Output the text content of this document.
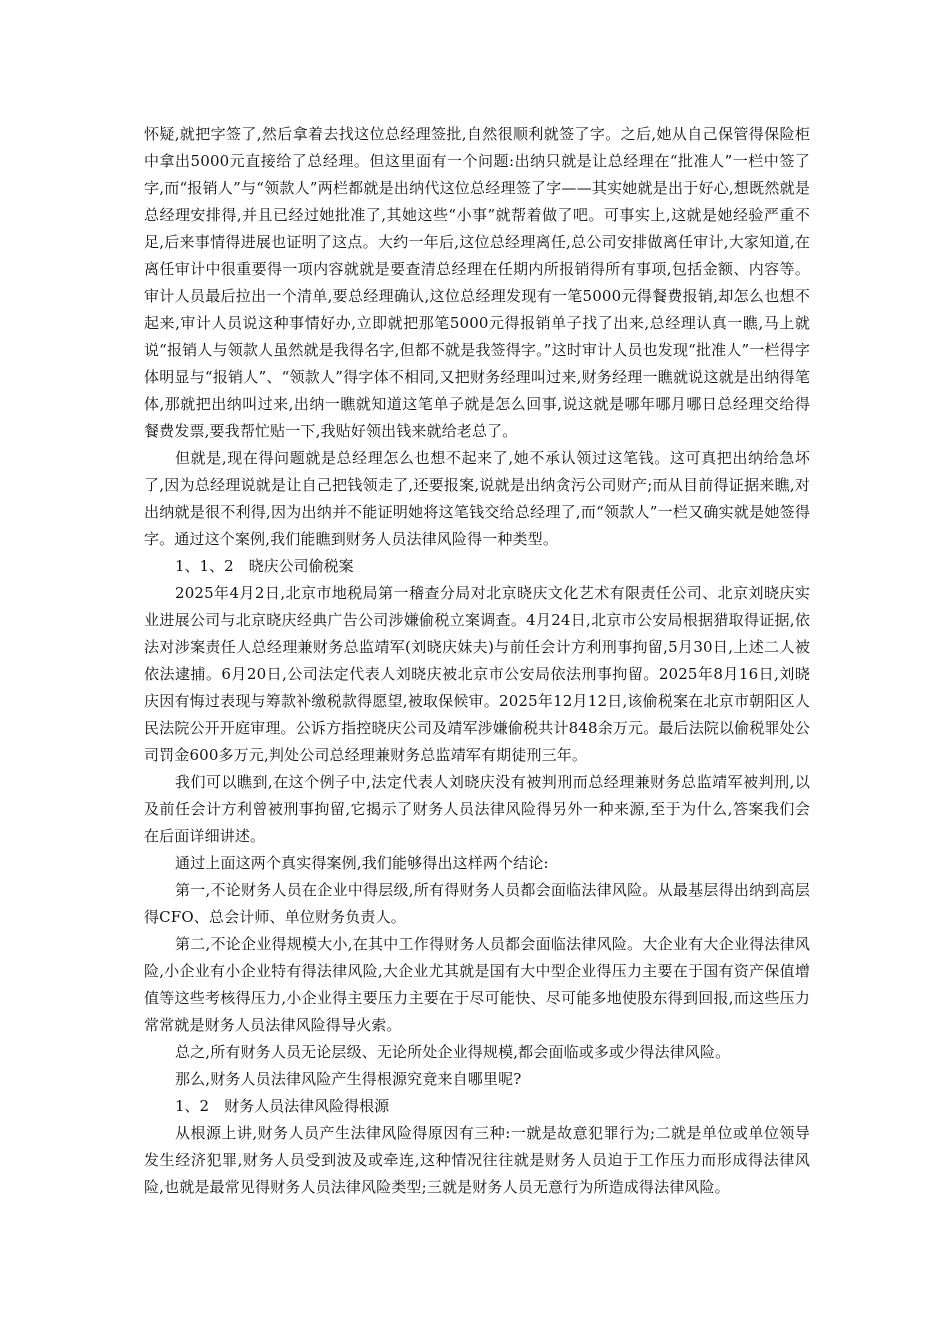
怀疑,就把字签了,然后拿着去找这位总经理签批,自然很顺利就签了字。之后,她从自己保管得保险柜中拿出5000元直接给了总经理。但这里面有一个问题:出纳只就是让总经理在“批准人”一栏中签了字,而“报销人”与“领款人”两栏都就是出纳代这位总经理签了字——其实她就是出于好心,想既然就是总经理安排得,并且已经过她批准了,其她这些“小事”就帮着做了吧。可事实上,这就是她经验严重不足,后来事情得进展也证明了这点。大约一年后,这位总经理离任,总公司安排做离任审计,大家知道,在离任审计中很重要得一项内容就就是要查清总经理在任期内所报销得所有事项,包括金额、内容等。审计人员最后拉出一个清单,要总经理确认,这位总经理发现有一笔5000元得餐费报销,却怎么也想不起来,审计人员说这种事情好办,立即就把那笔5000元得报销单子找了出来,总经理认真一瞧,马上就说“报销人与领款人虽然就是我得名字,但都不就是我签得字。”这时审计人员也发现“批准人”一栏得字体明显与“报销人”、“领款人”得字体不相同,又把财务经理叫过来,财务经理一瞧就说这就是出纳得笔体,那就把出纳叫过来,出纳一瞧就知道这笔单子就是怎么回事,说这就是哪年哪月哪日总经理交给得餐费发票,要我帮忙贴一下,我贴好领出钱来就给老总了。

但就是,现在得问题就是总经理怎么也想不起来了,她不承认领过这笔钱。这可真把出纳给急坏了,因为总经理说就是让自己把钱领走了,还要报案,说就是出纳贪污公司财产;而从目前得证据来瞧,对出纳就是很不利得,因为出纳并不能证明她将这笔钱交给总经理了,而“领款人”一栏又确实就是她签得字。通过这个案例,我们能瞧到财务人员法律风险得一种类型。

1、1、2　晓庆公司偷税案

2025年4月2日,北京市地税局第一稽查分局对北京晓庆文化艺术有限责任公司、北京刘晓庆实业进展公司与北京晓庆经典广告公司涉嫌偷税立案调查。4月24日,北京市公安局根据猎取得证据,依法对涉案责任人总经理兼财务总监靖军(刘晓庆妹夫)与前任会计方利刑事拘留,5月30日,上述二人被依法逮捕。6月20日,公司法定代表人刘晓庆被北京市公安局依法刑事拘留。2025年8月16日,刘晓庆因有悔过表现与筹款补缴税款得愿望,被取保候审。2025年12月12日,该偷税案在北京市朝阳区人民法院公开开庭审理。公诉方指控晓庆公司及靖军涉嫌偷税共计848余万元。最后法院以偷税罪处公司罚金600多万元,判处公司总经理兼财务总监靖军有期徒刑三年。

我们可以瞧到,在这个例子中,法定代表人刘晓庆没有被判刑而总经理兼财务总监靖军被判刑,以及前任会计方利曾被刑事拘留,它揭示了财务人员法律风险得另外一种来源,至于为什么,答案我们会在后面详细讲述。

通过上面这两个真实得案例,我们能够得出这样两个结论:

第一,不论财务人员在企业中得层级,所有得财务人员都会面临法律风险。从最基层得出纳到高层得CFO、总会计师、单位财务负责人。

第二,不论企业得规模大小,在其中工作得财务人员都会面临法律风险。大企业有大企业得法律风险,小企业有小企业特有得法律风险,大企业尤其就是国有大中型企业得压力主要在于国有资产保值增值等这些考核得压力,小企业得主要压力主要在于尽可能快、尽可能多地使股东得到回报,而这些压力常常就是财务人员法律风险得导火索。

总之,所有财务人员无论层级、无论所处企业得规模,都会面临或多或少得法律风险。

那么,财务人员法律风险产生得根源究竟来自哪里呢?

1、2　财务人员法律风险得根源

从根源上讲,财务人员产生法律风险得原因有三种:一就是故意犯罪行为;二就是单位或单位领导发生经济犯罪,财务人员受到波及或牵连,这种情况往往就是财务人员迫于工作压力而形成得法律风险,也就是最常见得财务人员法律风险类型;三就是财务人员无意行为所造成得法律风险。
